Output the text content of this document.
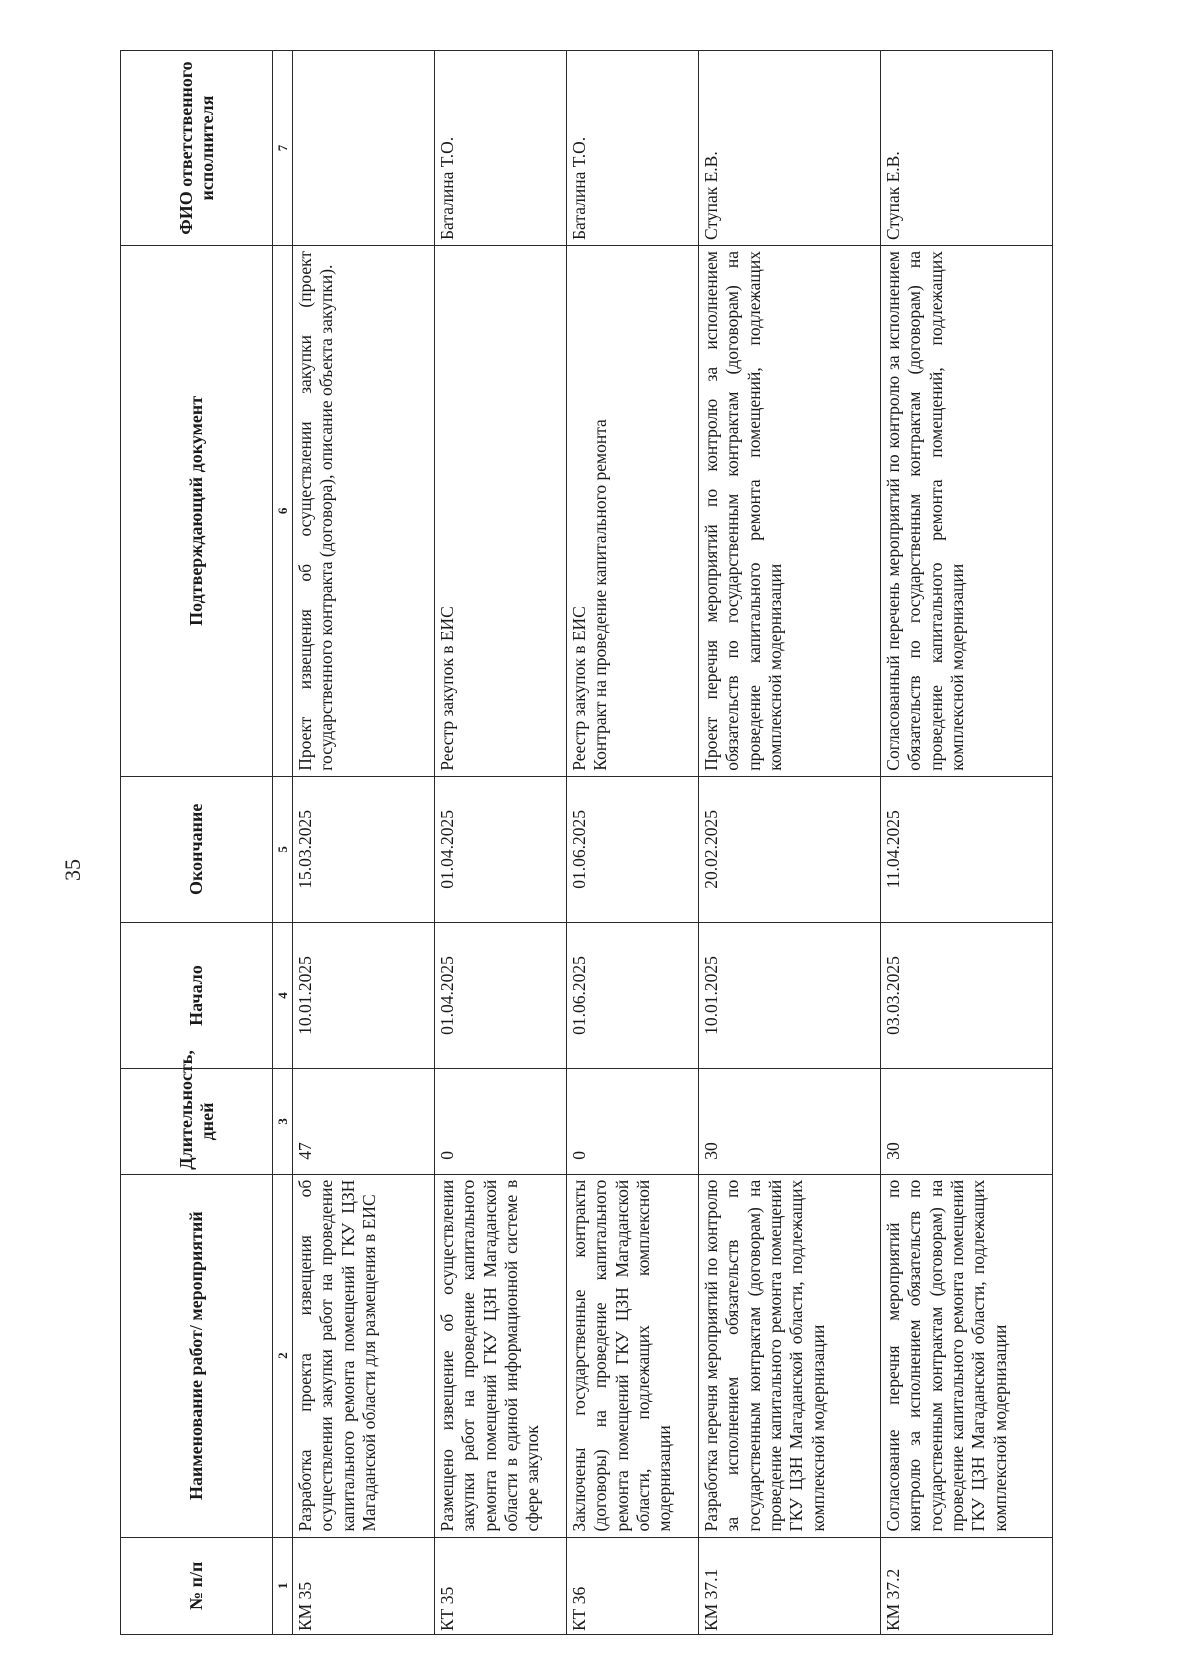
35
№ п/п	Наименование работ/ мероприятий	Длительность, дней	Начало	Окончание	Подтверждающий документ	ФИО ответственного исполнителя
1	2	3	4	5	6	7
КМ 35	Разработка проекта извещения об осуществлении закупки работ на проведение капитального ремонта помещений ГКУ ЦЗН Магаданской области для размещения в ЕИС	47	10.01.2025	15.03.2025	Проект извещения об осуществлении закупки (проект государственного контракта (договора), описание объекта закупки).	

КТ 35	Размещено извещение об осуществлении закупки работ на проведение капитального ремонта помещений ГКУ ЦЗН Магаданской области в единой информационной системе в сфере закупок	0	01.04.2025	01.04.2025	Реестр закупок в ЕИС	Баталина Т.О.
КТ 36	Заключены государственные контракты (договоры) на проведение капитального ремонта помещений ГКУ ЦЗН Магаданской области, подлежащих комплексной модернизации	0	01.06.2025	01.06.2025	Реестр закупок в ЕИС Контракт на проведение капитального ремонта	Баталина Т.О.
КМ 37.1	Разработка перечня мероприятий по контролю за исполнением обязательств по государственным контрактам (договорам) на проведение капитального ремонта помещений ГКУ ЦЗН Магаданской области, подлежащих комплексной модернизации	30	10.01.2025	20.02.2025	Проект перечня мероприятий по контролю за исполнением обязательств по государственным контрактам (договорам) на проведение капитального ремонта помещений, подлежащих комплексной модернизации	Ступак Е.В.
КМ 37.2	Согласование перечня мероприятий по контролю за исполнением обязательств по государственным контрактам (договорам) на проведение капитального ремонта помещений ГКУ ЦЗН Магаданской области, подлежащих комплексной модернизации	30	03.03.2025	11.04.2025	Согласованный перечень мероприятий по контролю за исполнением обязательств по государственным контрактам (договорам) на проведение капитального ремонта помещений, подлежащих комплексной модернизации	Ступак Е.В.
